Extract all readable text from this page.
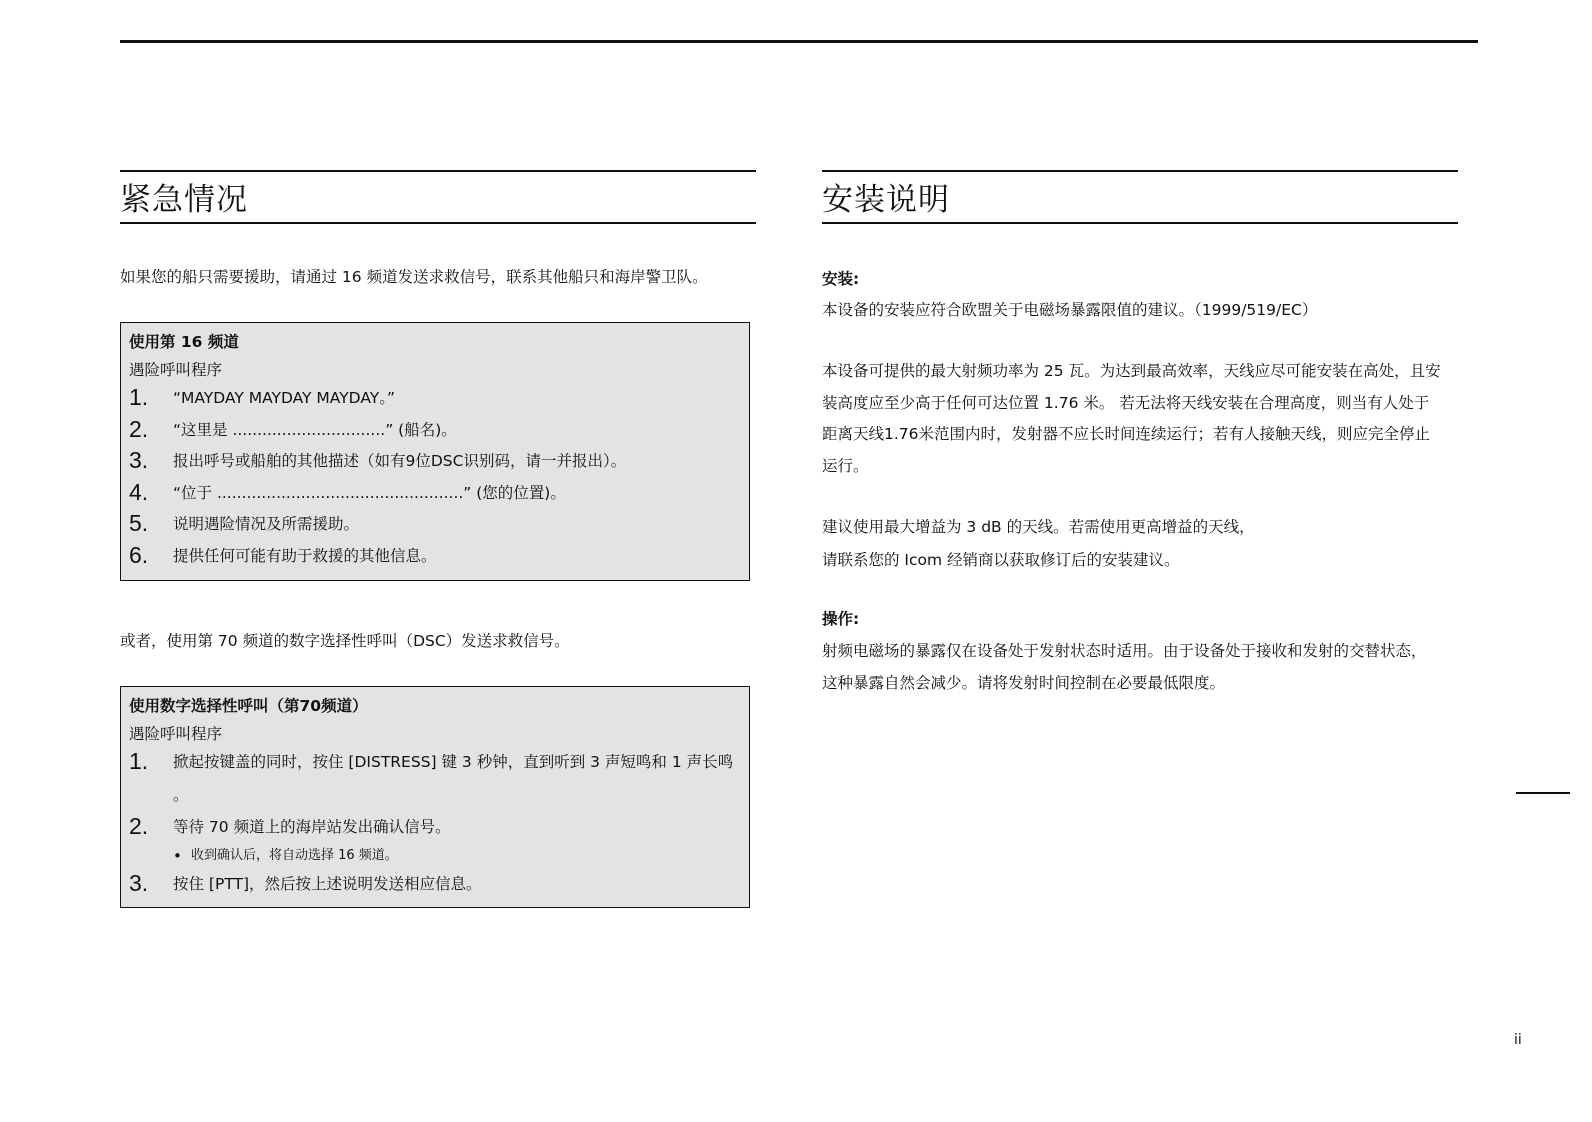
紧急情况

如果您的船只需要援助，请通过 16 频道发送求救信号，联系其他船只和海岸警卫队。

使用第 16 频道

遇险呼叫程序

1. “MAYDAY MAYDAY MAYDAY。”
2. “这里是 ...............................” (船名)。
3. 报出呼号或船舶的其他描述（如有9位DSC识别码，请一并报出）。
4. “位于 ..................................................” (您的位置)。
5. 说明遇险情况及所需援助。
6. 提供任何可能有助于救援的其他信息。

或者，使用第 70 频道的数字选择性呼叫（DSC）发送求救信号。

使用数字选择性呼叫（第70频道）

遇险呼叫程序

1. 掀起按键盖的同时，按住 [DISTRESS] 键 3 秒钟，直到听到 3 声短鸣和 1 声长鸣
。
2. 等待 70 频道上的海岸站发出确认信号。
• 收到确认后，将自动选择 16 频道。
3. 按住 [PTT]，然后按上述说明发送相应信息。
安装说明

安装:

本设备的安装应符合欧盟关于电磁场暴露限值的建议。（1999/519/EC）

本设备可提供的最大射频功率为 25 瓦。为达到最高效率，天线应尽可能安装在高处，且安
装高度应至少高于任何可达位置 1.76 米。 若无法将天线安装在合理高度，则当有人处于
距离天线1.76米范围内时，发射器不应长时间连续运行；若有人接触天线，则应完全停止
运行。

建议使用最大增益为 3 dB 的天线。若需使用更高增益的天线，
请联系您的 Icom 经销商以获取修订后的安装建议。

操作:

射频电磁场的暴露仅在设备处于发射状态时适用。由于设备处于接收和发射的交替状态，
这种暴露自然会减少。请将发射时间控制在必要最低限度。

ii
